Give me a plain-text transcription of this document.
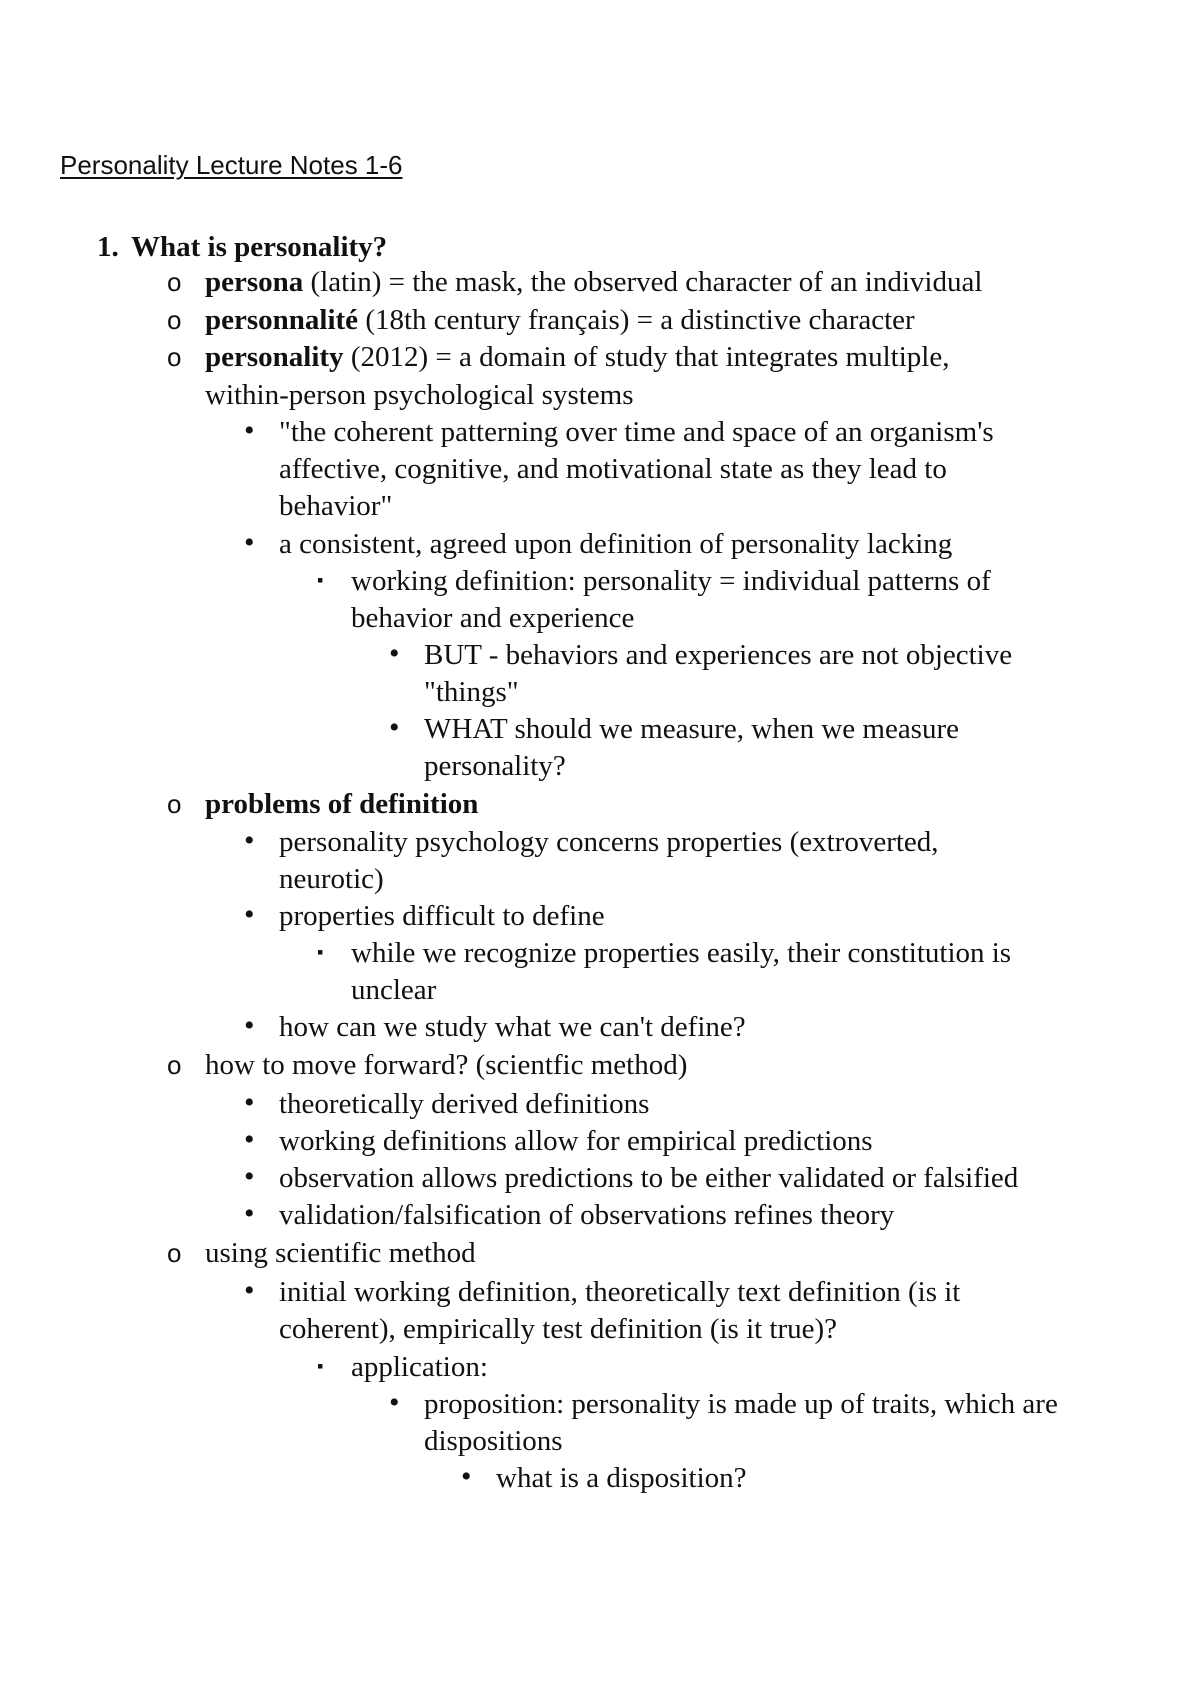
Personality Lecture Notes 1-6
1. What is personality?
o persona (latin) = the mask, the observed character of an individual
o personnalité (18th century français) = a distinctive character
o personality (2012) = a domain of study that integrates multiple,
within-person psychological systems
• "the coherent patterning over time and space of an organism's
affective, cognitive, and motivational state as they lead to
behavior"
• a consistent, agreed upon definition of personality lacking
▪ working definition: personality = individual patterns of
behavior and experience
• BUT - behaviors and experiences are not objective
"things"
• WHAT should we measure, when we measure
personality?
o problems of definition
• personality psychology concerns properties (extroverted,
neurotic)
• properties difficult to define
▪ while we recognize properties easily, their constitution is
unclear
• how can we study what we can't define?
o how to move forward? (scientfic method)
• theoretically derived definitions
• working definitions allow for empirical predictions
• observation allows predictions to be either validated or falsified
• validation/falsification of observations refines theory
o using scientific method
• initial working definition, theoretically text definition (is it
coherent), empirically test definition (is it true)?
▪ application:
• proposition: personality is made up of traits, which are
dispositions
• what is a disposition?
